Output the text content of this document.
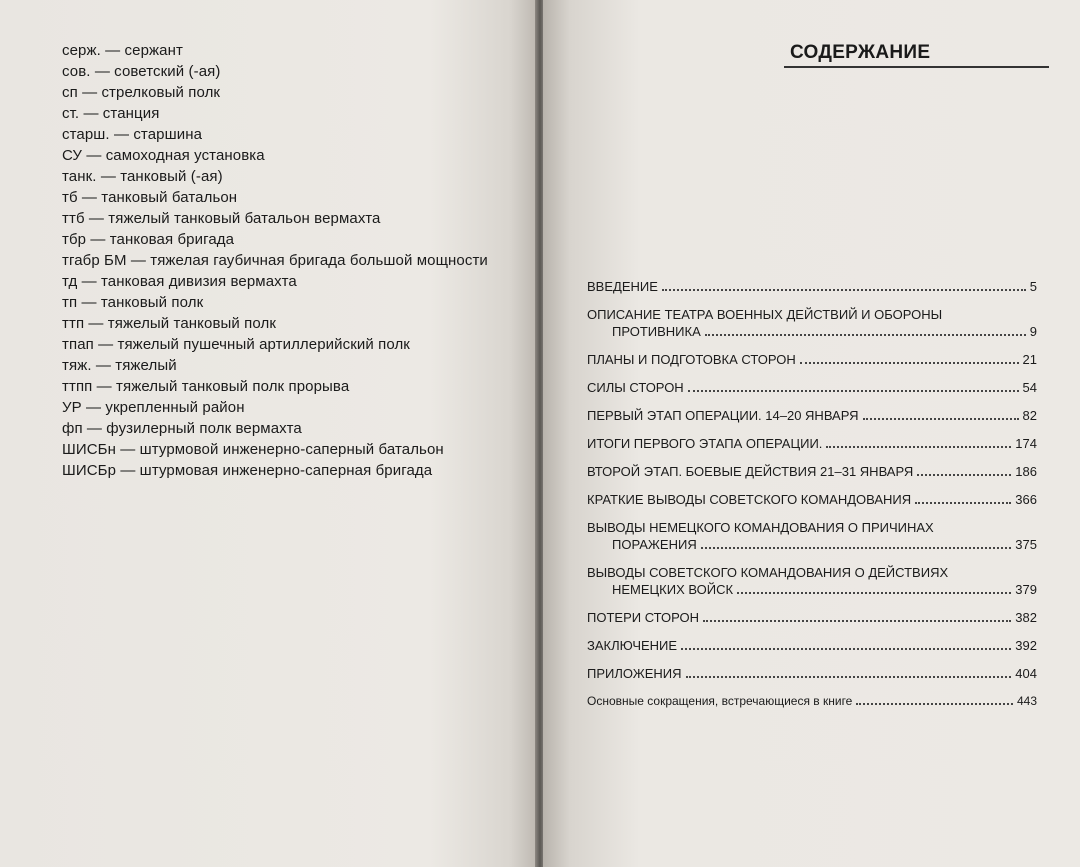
серж. — сержант
сов. — советский (-ая)
сп — стрелковый полк
ст. — станция
старш. — старшина
СУ — самоходная установка
танк. — танковый (-ая)
тб — танковый батальон
ттб — тяжелый танковый батальон вермахта
тбр — танковая бригада
тгабр БМ — тяжелая гаубичная бригада большой мощности
тд — танковая дивизия вермахта
тп — танковый полк
ттп — тяжелый танковый полк
тпап — тяжелый пушечный артиллерийский полк
тяж. — тяжелый
ттпп — тяжелый танковый полк прорыва
УР — укрепленный район
фп — фузилерный полк вермахта
ШИСБн — штурмовой инженерно-саперный батальон
ШИСБр — штурмовая инженерно-саперная бригада
СОДЕРЖАНИЕ
ВВЕДЕНИЕ	5
ОПИСАНИЕ ТЕАТРА ВОЕННЫХ ДЕЙСТВИЙ И ОБОРОНЫ
ПРОТИВНИКА	9
ПЛАНЫ И ПОДГОТОВКА СТОРОН	21
СИЛЫ СТОРОН	54
ПЕРВЫЙ ЭТАП ОПЕРАЦИИ. 14–20 ЯНВАРЯ	82
ИТОГИ ПЕРВОГО ЭТАПА ОПЕРАЦИИ.	174
ВТОРОЙ ЭТАП. БОЕВЫЕ ДЕЙСТВИЯ 21–31 ЯНВАРЯ	186
КРАТКИЕ ВЫВОДЫ СОВЕТСКОГО КОМАНДОВАНИЯ	366
ВЫВОДЫ НЕМЕЦКОГО КОМАНДОВАНИЯ О ПРИЧИНАХ
ПОРАЖЕНИЯ	375
ВЫВОДЫ СОВЕТСКОГО КОМАНДОВАНИЯ О ДЕЙСТВИЯХ
НЕМЕЦКИХ ВОЙСК	379
ПОТЕРИ СТОРОН	382
ЗАКЛЮЧЕНИЕ	392
ПРИЛОЖЕНИЯ	404
Основные сокращения, встречающиеся в книге	443
